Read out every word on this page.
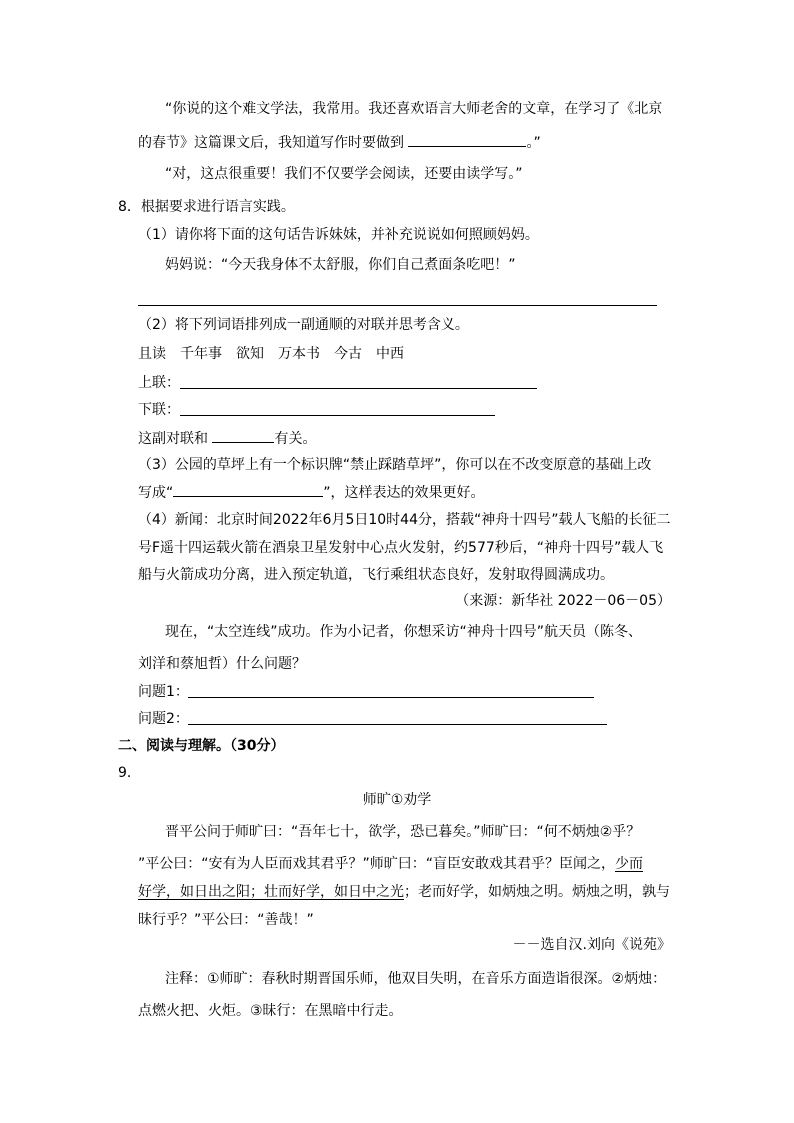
“你说的这个难文学法，我常用。我还喜欢语言大师老舍的文章，在学习了《北京
的春节》这篇课文后，我知道写作时要做到	。”
“对，这点很重要！我们不仅要学会阅读，还要由读学写。”
8．根据要求进行语言实践。
（1）请你将下面的这句话告诉妹妹，并补充说说如何照顾妈妈。
妈妈说：“今天我身体不太舒服，你们自己煮面条吃吧！”
（2）将下列词语排列成一副通顺的对联并思考含义。
且读　千年事　欲知　万本书　今古　中西
上联：
下联：
这副对联和	有关。
（3）公园的草坪上有一个标识牌“禁止踩踏草坪”，你可以在不改变原意的基础上改
写成“	”，这样表达的效果更好。
（4）新闻：北京时间2022年6月5日10时44分，搭载“神舟十四号”载人飞船的长征二
号F遥十四运载火箭在酒泉卫星发射中心点火发射，约577秒后，“神舟十四号”载人飞
船与火箭成功分离，进入预定轨道，飞行乘组状态良好，发射取得圆满成功。
（来源：新华社 2022－06－05）
现在，“太空连线”成功。作为小记者，你想采访“神舟十四号”航天员（陈冬、
刘洋和蔡旭哲）什么问题？
问题1：
问题2：
二、阅读与理解。（30分）
9．
师旷①劝学
晋平公问于师旷曰：“吾年七十，欲学，恐已暮矣。”师旷曰：“何不炳烛②乎？
”平公曰：“安有为人臣而戏其君乎？”师旷曰：“盲臣安敢戏其君乎？臣闻之，少而
好学，如日出之阳；壮而好学，如日中之光；老而好学，如炳烛之明。炳烛之明，孰与
昧行乎？”平公曰：“善哉！”
－－选自汉.刘向《说苑》
注释：①师旷：春秋时期晋国乐师，他双目失明，在音乐方面造诣很深。②炳烛：
点燃火把、火炬。③昧行：在黑暗中行走。
